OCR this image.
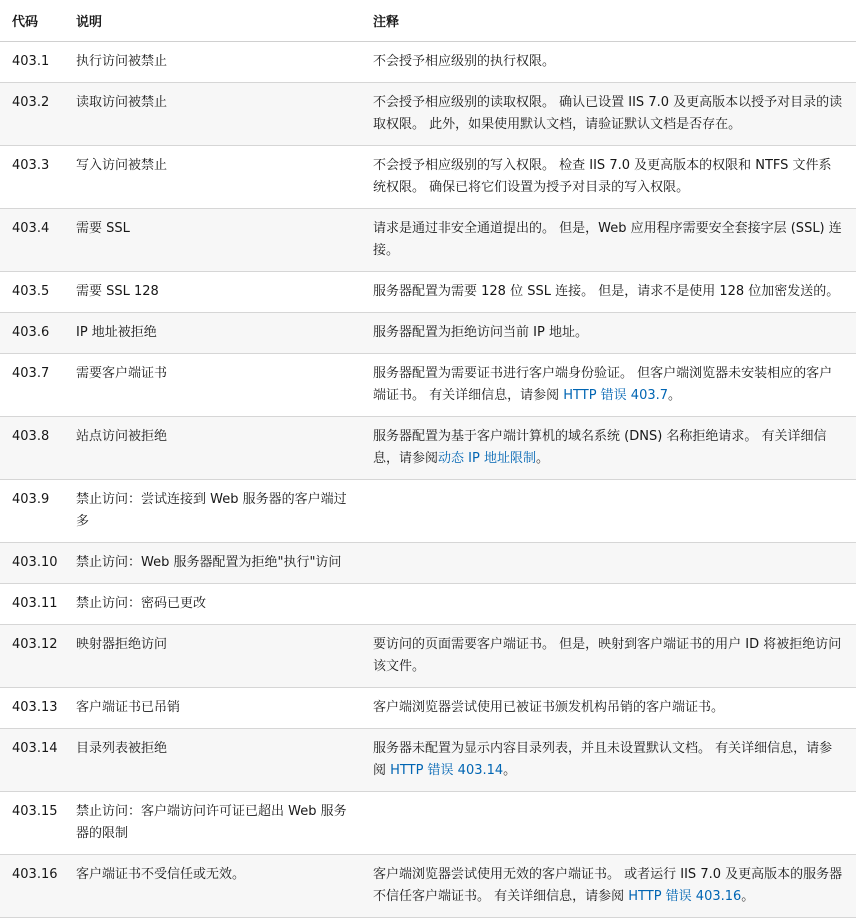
代码	说明	注释
403.1	执行访问被禁止	不会授予相应级别的执行权限。
403.2	读取访问被禁止	不会授予相应级别的读取权限。 确认已设置 IIS 7.0 及更高版本以授予对目录的读取权限。 此外，如果使用默认文档，请验证默认文档是否存在。
403.3	写入访问被禁止	不会授予相应级别的写入权限。 检查 IIS 7.0 及更高版本的权限和 NTFS 文件系统权限。 确保已将它们设置为授予对目录的写入权限。
403.4	需要 SSL	请求是通过非安全通道提出的。 但是，Web 应用程序需要安全套接字层 (SSL) 连接。
403.5	需要 SSL 128	服务器配置为需要 128 位 SSL 连接。 但是，请求不是使用 128 位加密发送的。
403.6	IP 地址被拒绝	服务器配置为拒绝访问当前 IP 地址。
403.7	需要客户端证书	服务器配置为需要证书进行客户端身份验证。 但客户端浏览器未安装相应的客户端证书。 有关详细信息，请参阅 HTTP 错误 403.7。
403.8	站点访问被拒绝	服务器配置为基于客户端计算机的域名系统 (DNS) 名称拒绝请求。 有关详细信息，请参阅动态 IP 地址限制。
403.9	禁止访问：尝试连接到 Web 服务器的客户端过多	
403.10	禁止访问：Web 服务器配置为拒绝"执行"访问	
403.11	禁止访问：密码已更改	
403.12	映射器拒绝访问	要访问的页面需要客户端证书。 但是，映射到客户端证书的用户 ID 将被拒绝访问该文件。
403.13	客户端证书已吊销	客户端浏览器尝试使用已被证书颁发机构吊销的客户端证书。
403.14	目录列表被拒绝	服务器未配置为显示内容目录列表，并且未设置默认文档。 有关详细信息，请参阅 HTTP 错误 403.14。
403.15	禁止访问：客户端访问许可证已超出 Web 服务器的限制	
403.16	客户端证书不受信任或无效。	客户端浏览器尝试使用无效的客户端证书。 或者运行 IIS 7.0 及更高版本的服务器不信任客户端证书。 有关详细信息，请参阅 HTTP 错误 403.16。
